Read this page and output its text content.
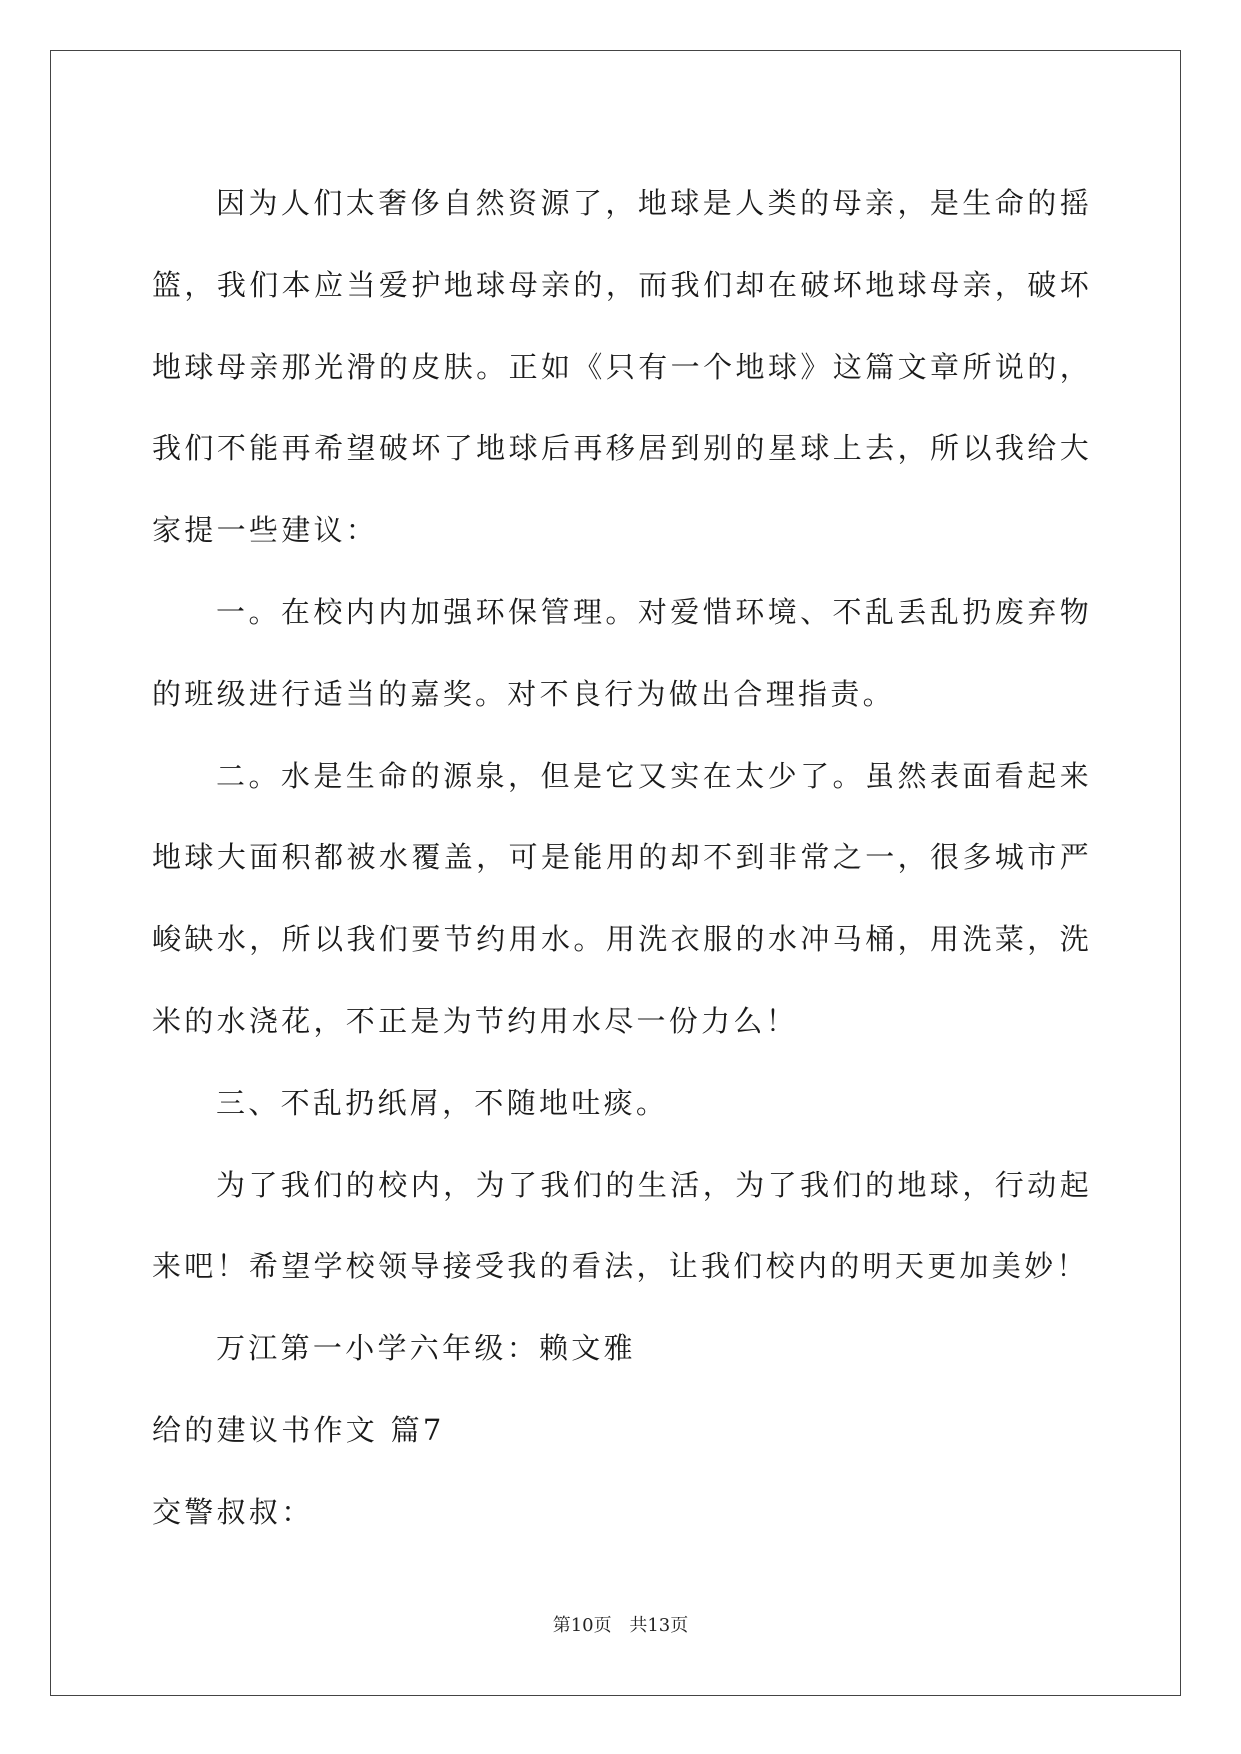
因为人们太奢侈自然资源了，地球是人类的母亲，是生命的摇篮，我们本应当爱护地球母亲的，而我们却在破坏地球母亲，破坏地球母亲那光滑的皮肤。正如《只有一个地球》这篇文章所说的，我们不能再希望破坏了地球后再移居到别的星球上去，所以我给大家提一些建议：

一。在校内内加强环保管理。对爱惜环境、不乱丢乱扔废弃物的班级进行适当的嘉奖。对不良行为做出合理指责。

二。水是生命的源泉，但是它又实在太少了。虽然表面看起来地球大面积都被水覆盖，可是能用的却不到非常之一，很多城市严峻缺水，所以我们要节约用水。用洗衣服的水冲马桶，用洗菜，洗米的水浇花，不正是为节约用水尽一份力么！

三、不乱扔纸屑，不随地吐痰。

为了我们的校内，为了我们的生活，为了我们的地球，行动起来吧！希望学校领导接受我的看法，让我们校内的明天更加美妙！

万江第一小学六年级：赖文雅

给的建议书作文 篇7

交警叔叔：

第10页 共13页
